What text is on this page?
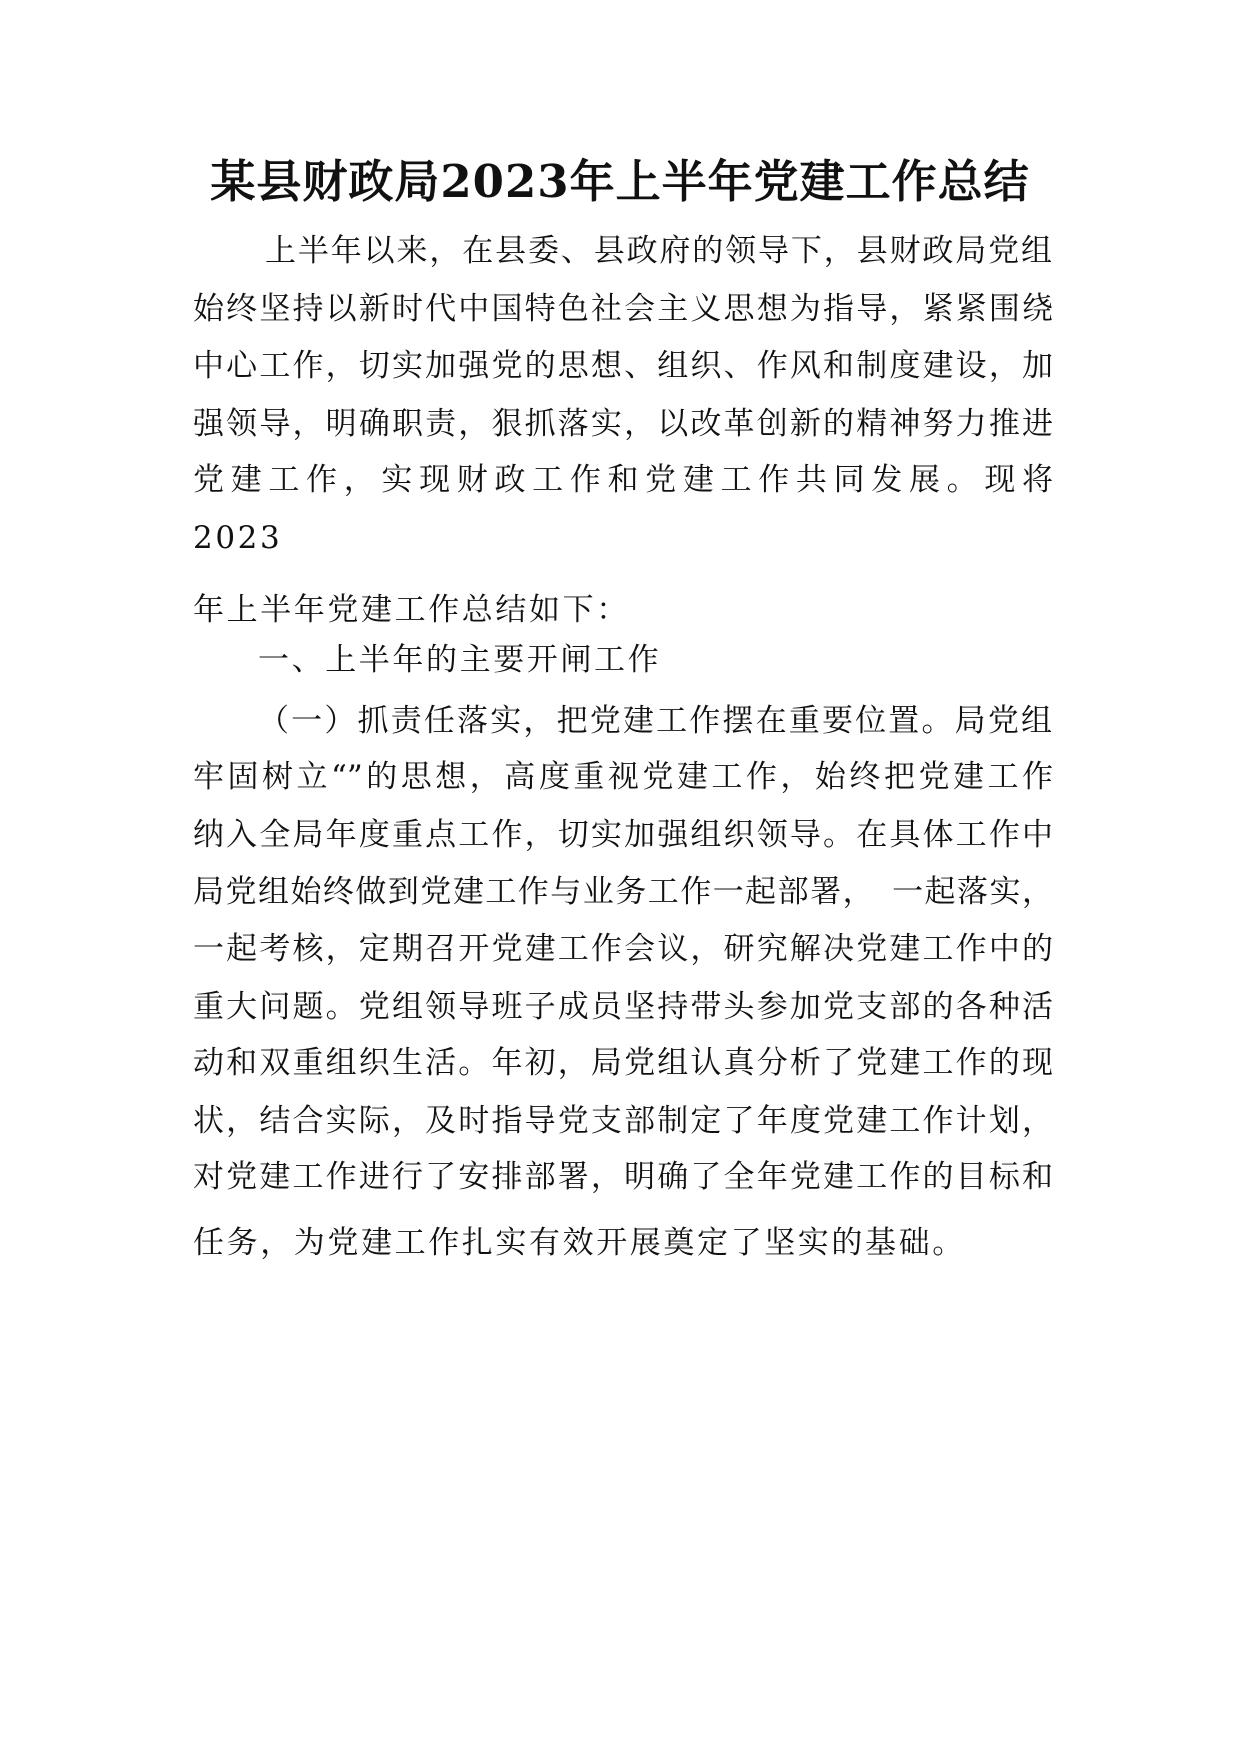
某县财政局2023年上半年党建工作总结
上半年以来，在县委、县政府的领导下，县财政局党组
始终坚持以新时代中国特色社会主义思想为指导，紧紧围绕
中心工作，切实加强党的思想、组织、作风和制度建设，加
强领导，明确职责，狠抓落实，以改革创新的精神努力推进
党建工作，实现财政工作和党建工作共同发展。现将
2023
年上半年党建工作总结如下：
一、上半年的主要开闸工作
（一）抓责任落实，把党建工作摆在重要位置。局党组
牢固树立“”的思想，高度重视党建工作，始终把党建工作
纳入全局年度重点工作，切实加强组织领导。在具体工作中
局党组始终做到党建工作与业务工作一起部署，　一起落实，
一起考核，定期召开党建工作会议，研究解决党建工作中的
重大问题。党组领导班子成员坚持带头参加党支部的各种活
动和双重组织生活。年初，局党组认真分析了党建工作的现
状，结合实际，及时指导党支部制定了年度党建工作计划，
对党建工作进行了安排部署，明确了全年党建工作的目标和
任务，为党建工作扎实有效开展奠定了坚实的基础。
